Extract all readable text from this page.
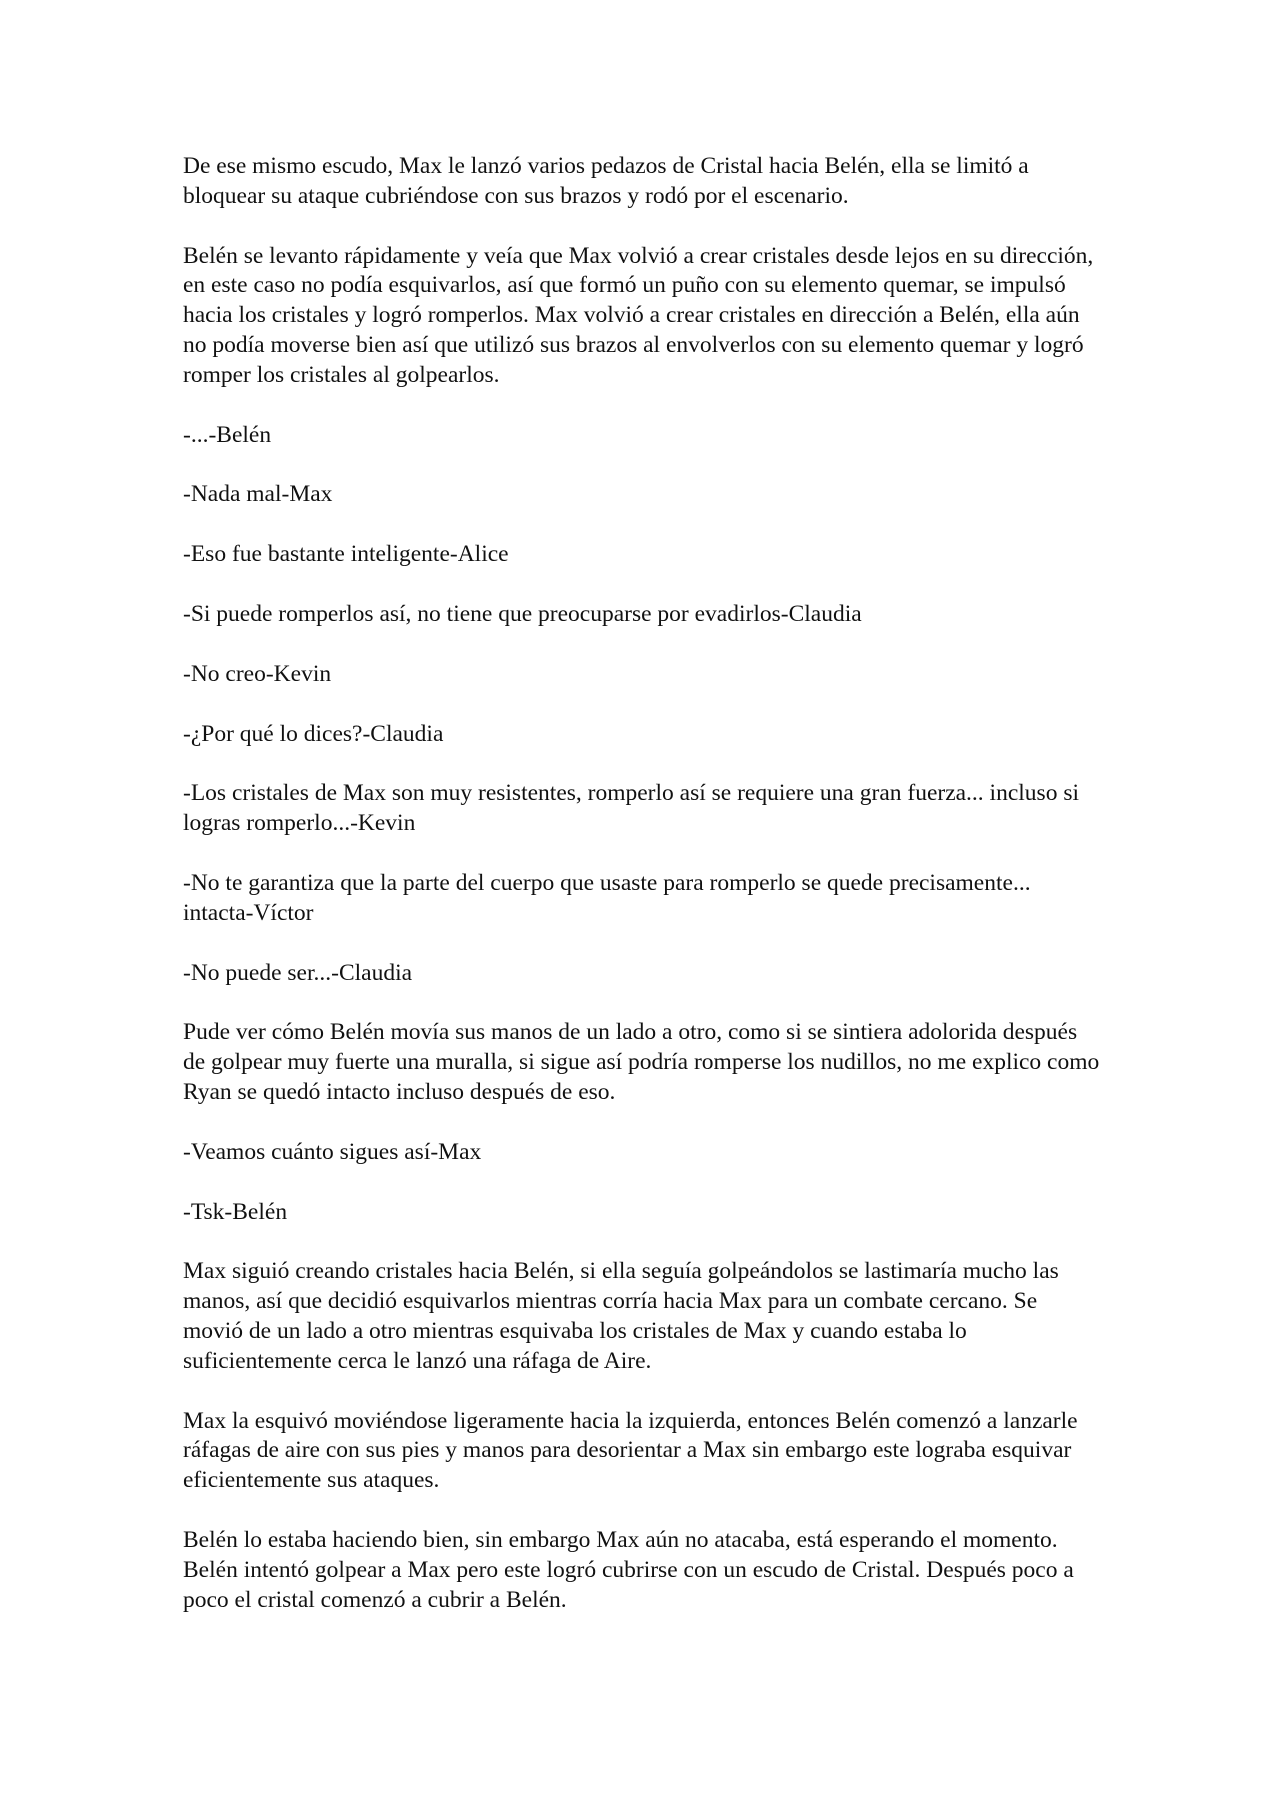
De ese mismo escudo, Max le lanzó varios pedazos de Cristal hacia Belén, ella se limitó a bloquear su ataque cubriéndose con sus brazos y rodó por el escenario.

Belén se levanto rápidamente y veía que Max volvió a crear cristales desde lejos en su dirección, en este caso no podía esquivarlos, así que formó un puño con su elemento quemar, se impulsó hacia los cristales y logró romperlos. Max volvió a crear cristales en dirección a Belén, ella aún no podía moverse bien así que utilizó sus brazos al envolverlos con su elemento quemar y logró romper los cristales al golpearlos.

-...-Belén

-Nada mal-Max

-Eso fue bastante inteligente-Alice

-Si puede romperlos así, no tiene que preocuparse por evadirlos-Claudia

-No creo-Kevin

-¿Por qué lo dices?-Claudia

-Los cristales de Max son muy resistentes, romperlo así se requiere una gran fuerza... incluso si logras romperlo...-Kevin

-No te garantiza que la parte del cuerpo que usaste para romperlo se quede precisamente... intacta-Víctor

-No puede ser...-Claudia

Pude ver cómo Belén movía sus manos de un lado a otro, como si se sintiera adolorida después de golpear muy fuerte una muralla, si sigue así podría romperse los nudillos, no me explico como Ryan se quedó intacto incluso después de eso.

-Veamos cuánto sigues así-Max

-Tsk-Belén

Max siguió creando cristales hacia Belén, si ella seguía golpeándolos se lastimaría mucho las manos, así que decidió esquivarlos mientras corría hacia Max para un combate cercano. Se movió de un lado a otro mientras esquivaba los cristales de Max y cuando estaba lo suficientemente cerca le lanzó una ráfaga de Aire.

Max la esquivó moviéndose ligeramente hacia la izquierda, entonces Belén comenzó a lanzarle ráfagas de aire con sus pies y manos para desorientar a Max sin embargo este lograba esquivar eficientemente sus ataques.

Belén lo estaba haciendo bien, sin embargo Max aún no atacaba, está esperando el momento. Belén intentó golpear a Max pero este logró cubrirse con un escudo de Cristal. Después poco a poco el cristal comenzó a cubrir a Belén.
